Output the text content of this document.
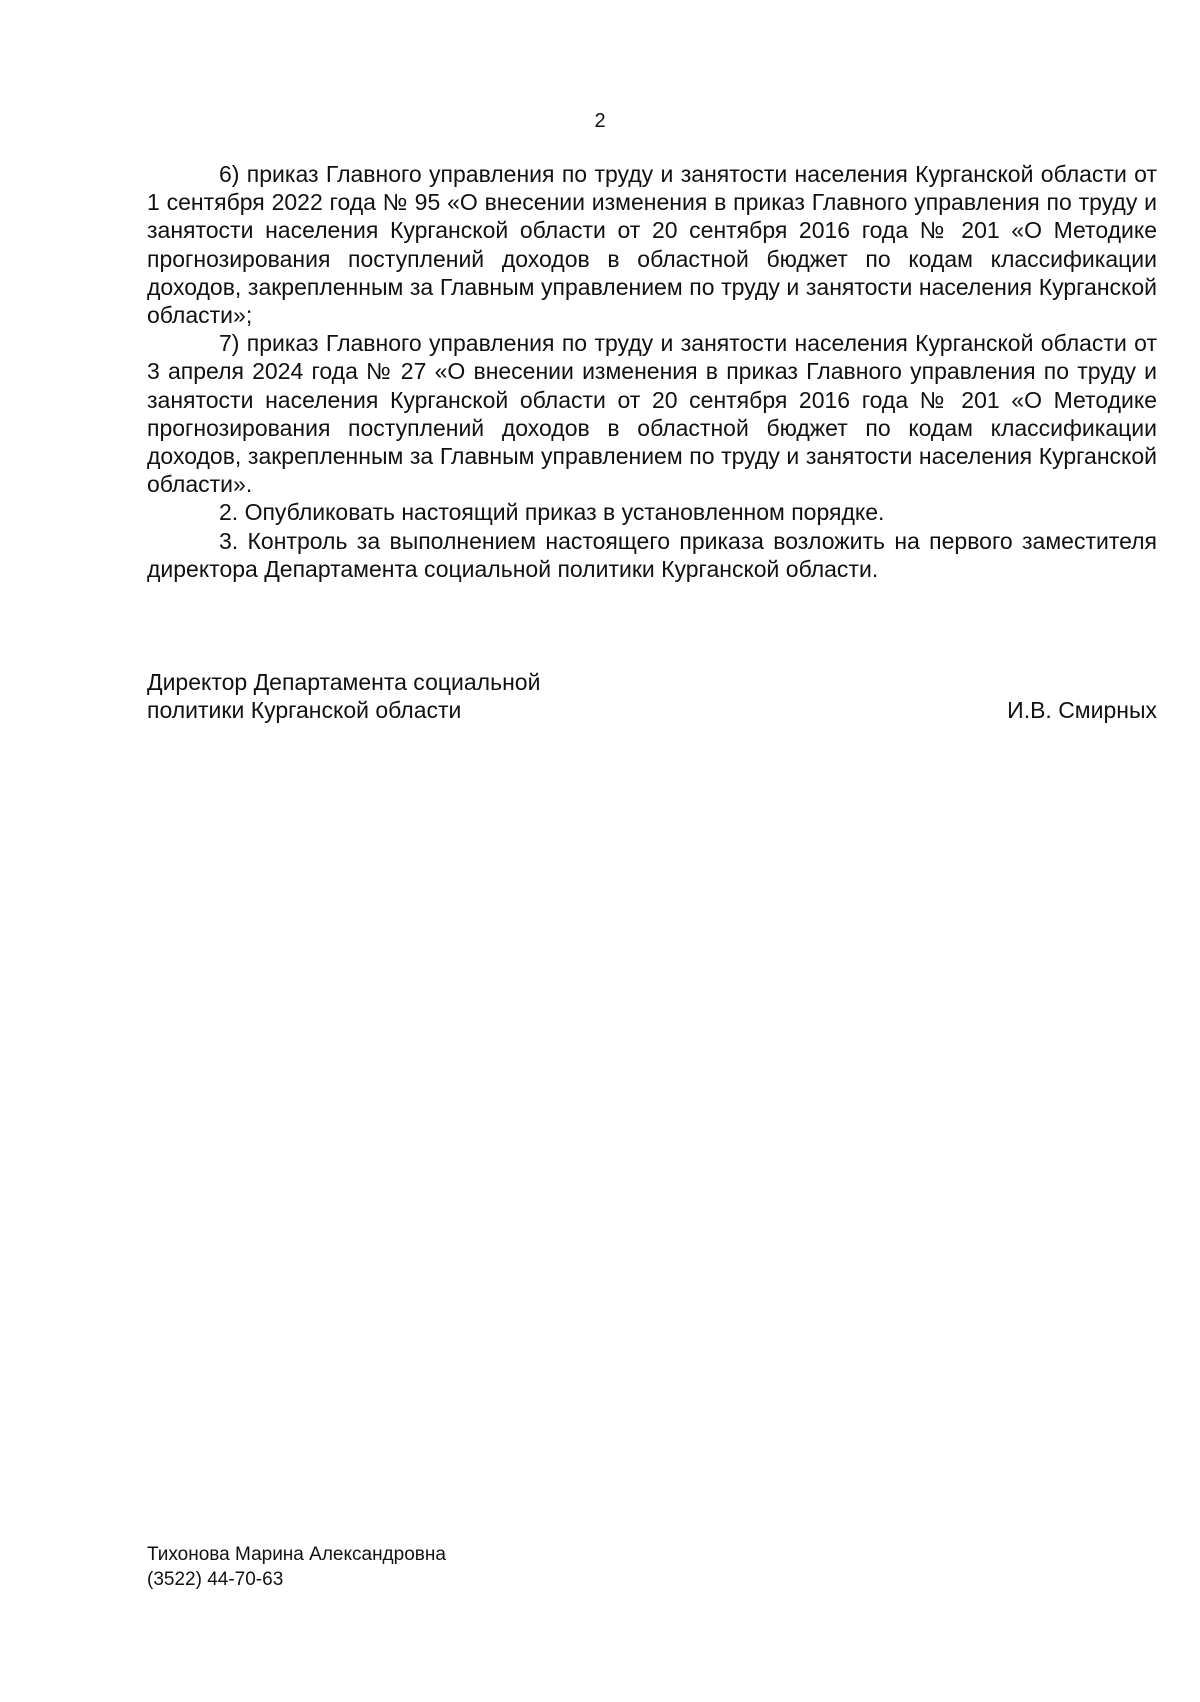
2

6) приказ Главного управления по труду и занятости населения Курганской области от 1 сентября 2022 года № 95 «О внесении изменения в приказ Главного управления по труду и занятости населения Курганской области от 20 сентября 2016 года № 201 «О Методике прогнозирования поступлений доходов в областной бюджет по кодам классификации доходов, закрепленным за Главным управлением по труду и занятости населения Курганской области»;

7) приказ Главного управления по труду и занятости населения Курганской области от 3 апреля 2024 года № 27 «О внесении изменения в приказ Главного управления по труду и занятости населения Курганской области от 20 сентября 2016 года № 201 «О Методике прогнозирования поступлений доходов в областной бюджет по кодам классификации доходов, закрепленным за Главным управлением по труду и занятости населения Курганской области».

2. Опубликовать настоящий приказ в установленном порядке.

3. Контроль за выполнением настоящего приказа возложить на первого заместителя директора Департамента социальной политики Курганской области.

Директор Департамента социальной
политики Курганской области	И.В. Смирных
Тихонова Марина Александровна
(3522) 44-70-63
